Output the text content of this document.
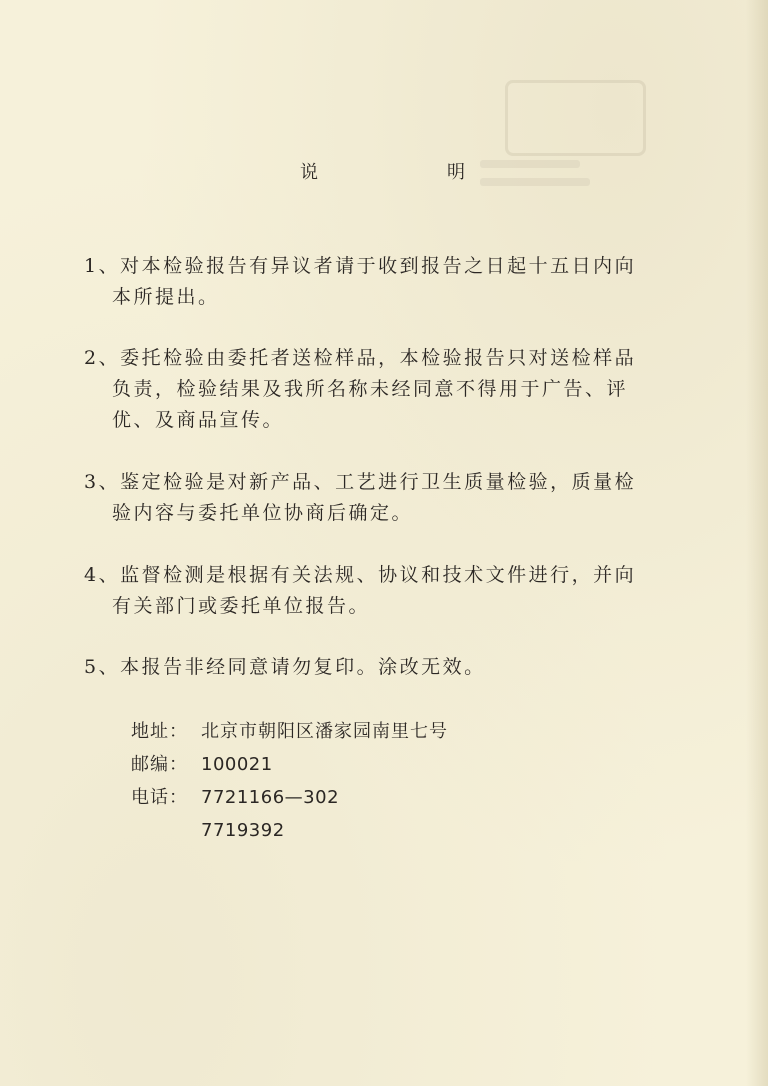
说	明
1、对本检验报告有异议者请于收到报告之日起十五日内向
本所提出。
2、委托检验由委托者送检样品，本检验报告只对送检样品
负责，检验结果及我所名称未经同意不得用于广告、评
优、及商品宣传。
3、鉴定检验是对新产品、工艺进行卫生质量检验，质量检
验内容与委托单位协商后确定。
4、监督检测是根据有关法规、协议和技术文件进行，并向
有关部门或委托单位报告。
5、本报告非经同意请勿复印。涂改无效。
地址： 北京市朝阳区潘家园南里七号
邮编： 100021
电话： 7721166—302
7719392
